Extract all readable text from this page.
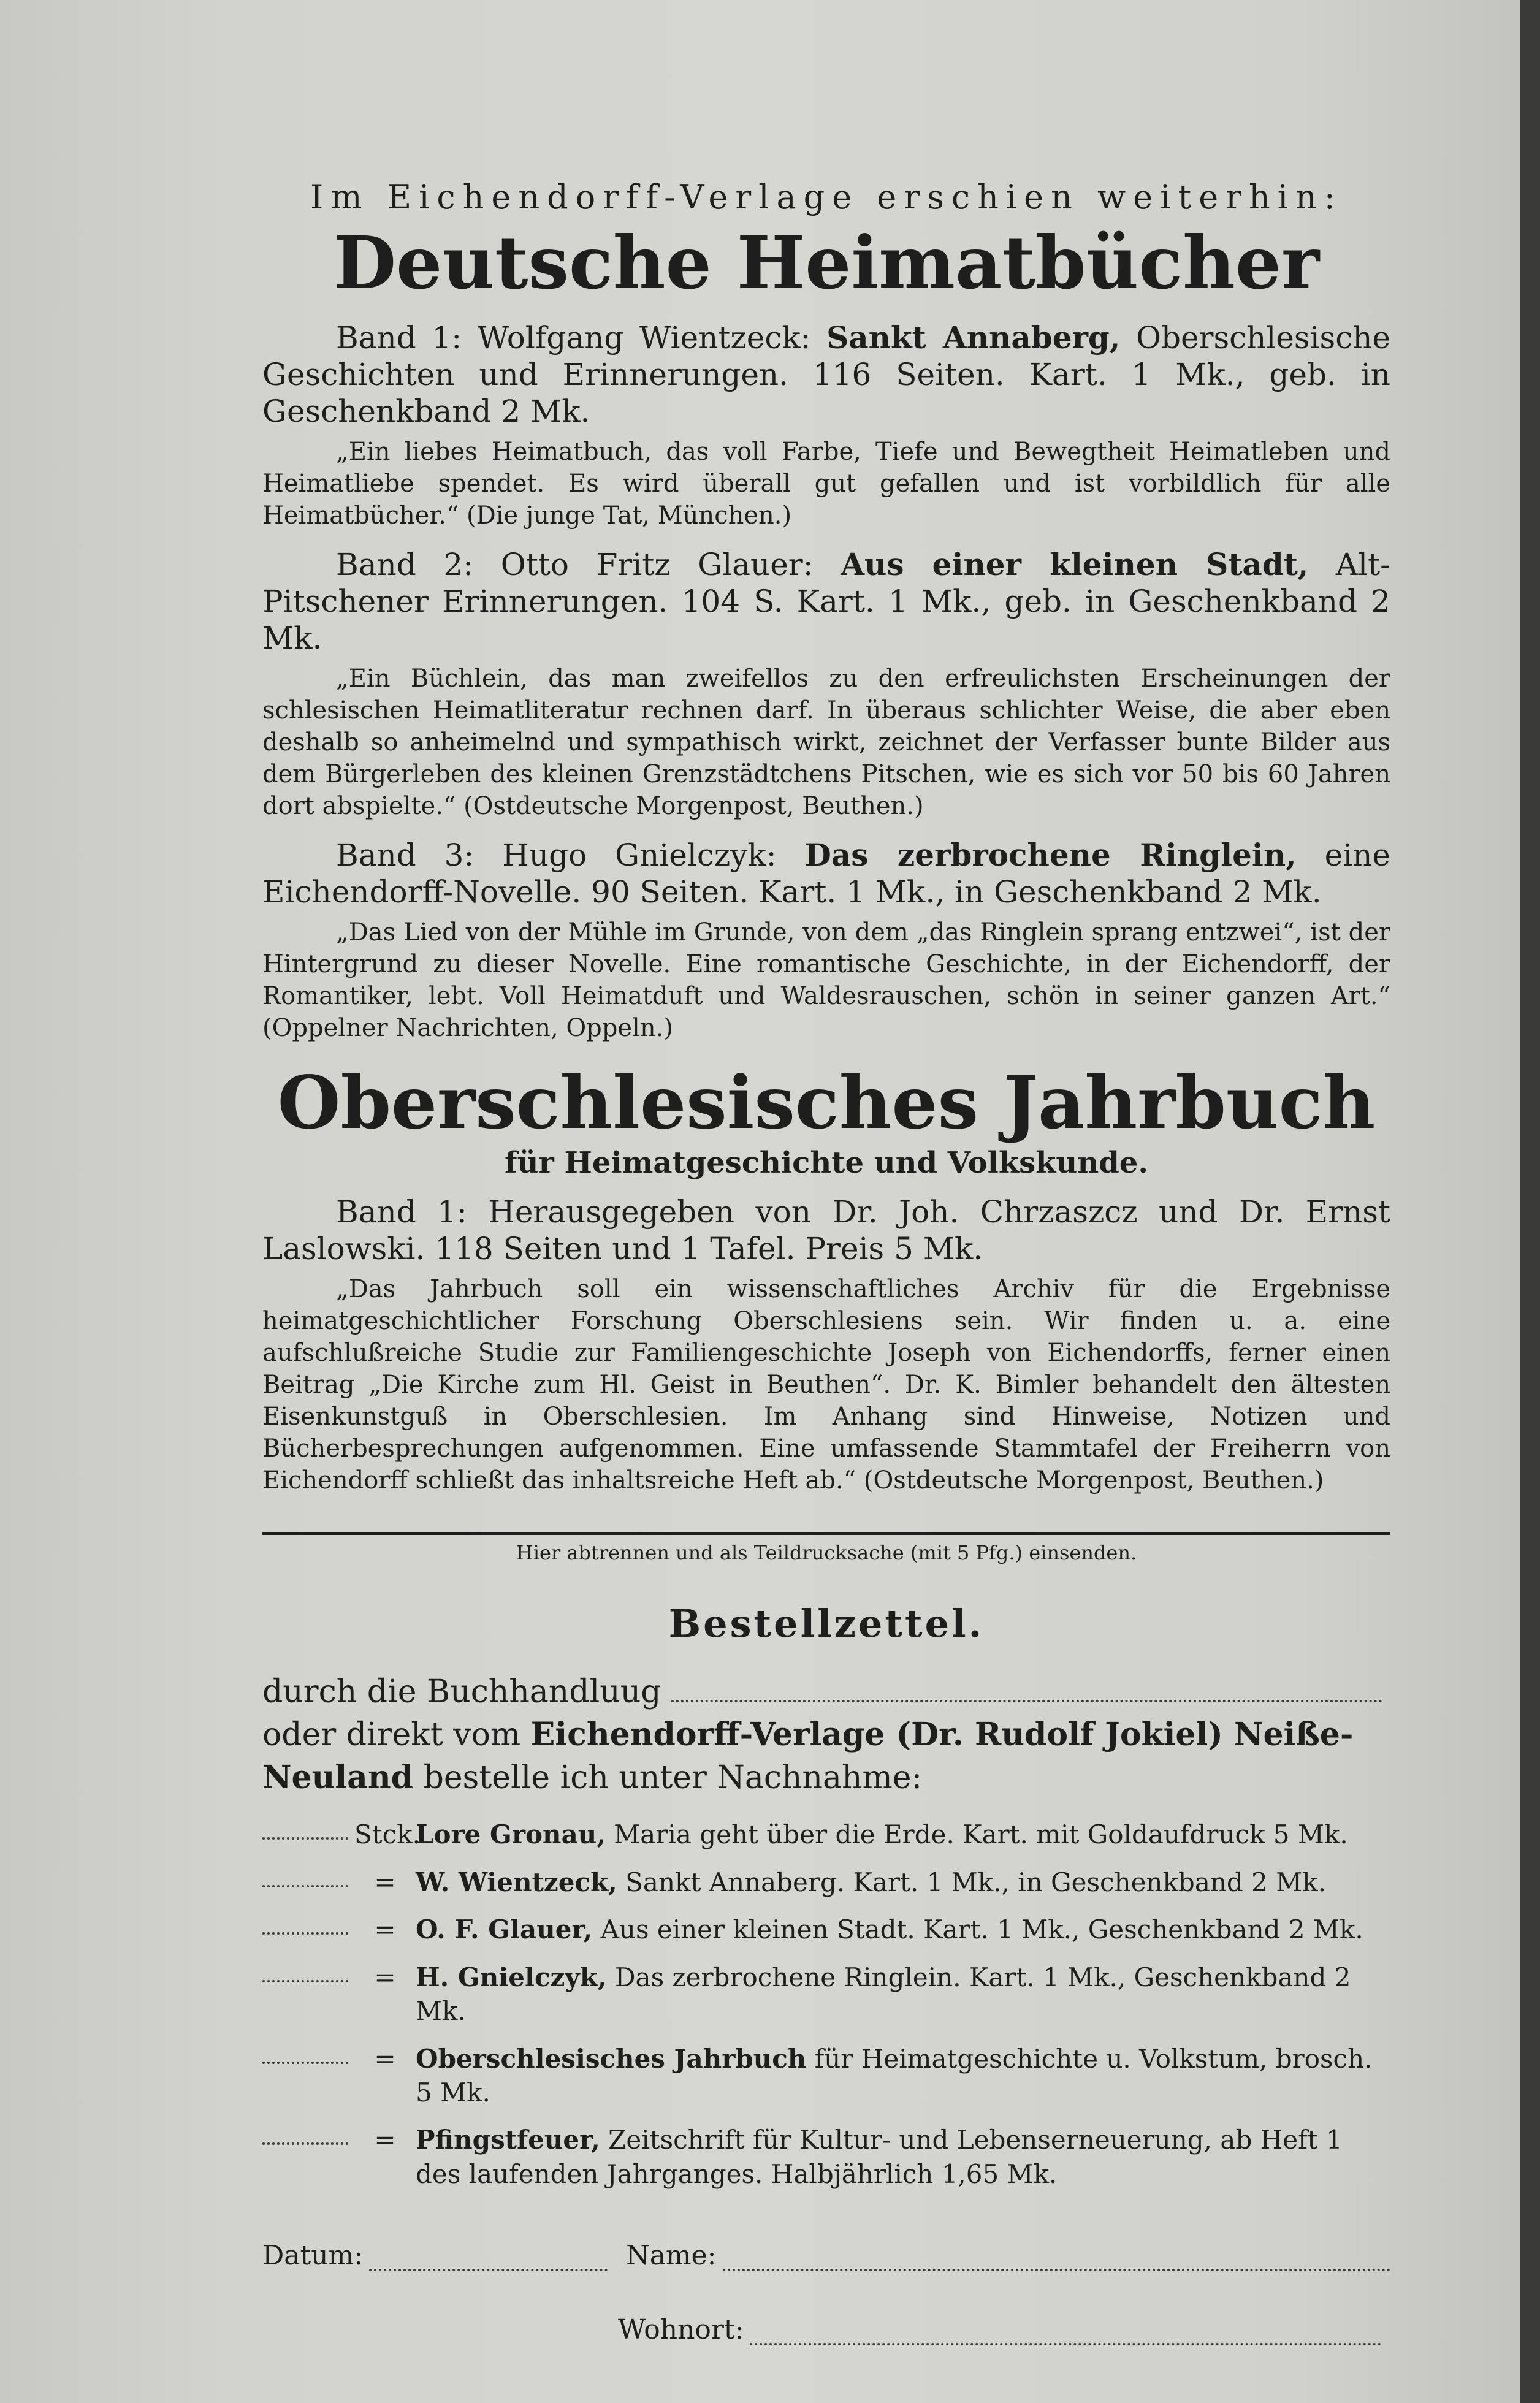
Im Eichendorff-Verlage erschien weiterhin:

Deutsche Heimatbücher

Band 1: Wolfgang Wientzeck: Sankt Annaberg, Oberschlesische Geschichten und Erinnerungen. 116 Seiten. Kart. 1 Mk., geb. in Geschenkband 2 Mk.

„Ein liebes Heimatbuch, das voll Farbe, Tiefe und Bewegtheit Heimatleben und Heimatliebe spendet. Es wird überall gut gefallen und ist vorbildlich für alle Heimatbücher.“ (Die junge Tat, München.)

Band 2: Otto Fritz Glauer: Aus einer kleinen Stadt, Alt-Pitschener Erinnerungen. 104 S. Kart. 1 Mk., geb. in Geschenkband 2 Mk.

„Ein Büchlein, das man zweifellos zu den erfreulichsten Erscheinungen der schlesischen Heimatliteratur rechnen darf. In überaus schlichter Weise, die aber eben deshalb so anheimelnd und sympathisch wirkt, zeichnet der Verfasser bunte Bilder aus dem Bürgerleben des kleinen Grenzstädtchens Pitschen, wie es sich vor 50 bis 60 Jahren dort abspielte.“ (Ostdeutsche Morgenpost, Beuthen.)

Band 3: Hugo Gnielczyk: Das zerbrochene Ringlein, eine Eichendorff-Novelle. 90 Seiten. Kart. 1 Mk., in Geschenkband 2 Mk.

„Das Lied von der Mühle im Grunde, von dem „das Ringlein sprang entzwei“, ist der Hintergrund zu dieser Novelle. Eine romantische Geschichte, in der Eichendorff, der Romantiker, lebt. Voll Heimatduft und Waldesrauschen, schön in seiner ganzen Art.“ (Oppelner Nachrichten, Oppeln.)

Oberschlesisches Jahrbuch

für Heimatgeschichte und Volkskunde.

Band 1: Herausgegeben von Dr. Joh. Chrzaszcz und Dr. Ernst Laslowski. 118 Seiten und 1 Tafel. Preis 5 Mk.

„Das Jahrbuch soll ein wissenschaftliches Archiv für die Ergebnisse heimatgeschichtlicher Forschung Oberschlesiens sein. Wir finden u. a. eine aufschlußreiche Studie zur Familiengeschichte Joseph von Eichendorffs, ferner einen Beitrag „Die Kirche zum Hl. Geist in Beuthen“. Dr. K. Bimler behandelt den ältesten Eisenkunstguß in Oberschlesien. Im Anhang sind Hinweise, Notizen und Bücherbesprechungen aufgenommen. Eine umfassende Stammtafel der Freiherrn von Eichendorff schließt das inhaltsreiche Heft ab.“ (Ostdeutsche Morgenpost, Beuthen.)

Hier abtrennen und als Teildrucksache (mit 5 Pfg.) einsenden.

Bestellzettel.

durch die Buchhandluug

oder direkt vom Eichendorff-Verlage (Dr. Rudolf Jokiel) Neiße-Neuland bestelle ich unter Nachnahme:

Stck.
Lore Gronau, Maria geht über die Erde. Kart. mit Goldaufdruck 5 Mk.
= W. Wientzeck, Sankt Annaberg. Kart. 1 Mk., in Geschenkband 2 Mk.
= O. F. Glauer, Aus einer kleinen Stadt. Kart. 1 Mk., Geschenkband 2 Mk.
= H. Gnielczyk, Das zerbrochene Ringlein. Kart. 1 Mk., Geschenkband 2 Mk.
= Oberschlesisches Jahrbuch für Heimatgeschichte u. Volkstum, brosch. 5 Mk.
= Pfingstfeuer, Zeitschrift für Kultur- und Lebenserneuerung, ab Heft 1 des laufenden Jahrganges. Halbjährlich 1,65 Mk.
Datum:	Name:
Wohnort:
